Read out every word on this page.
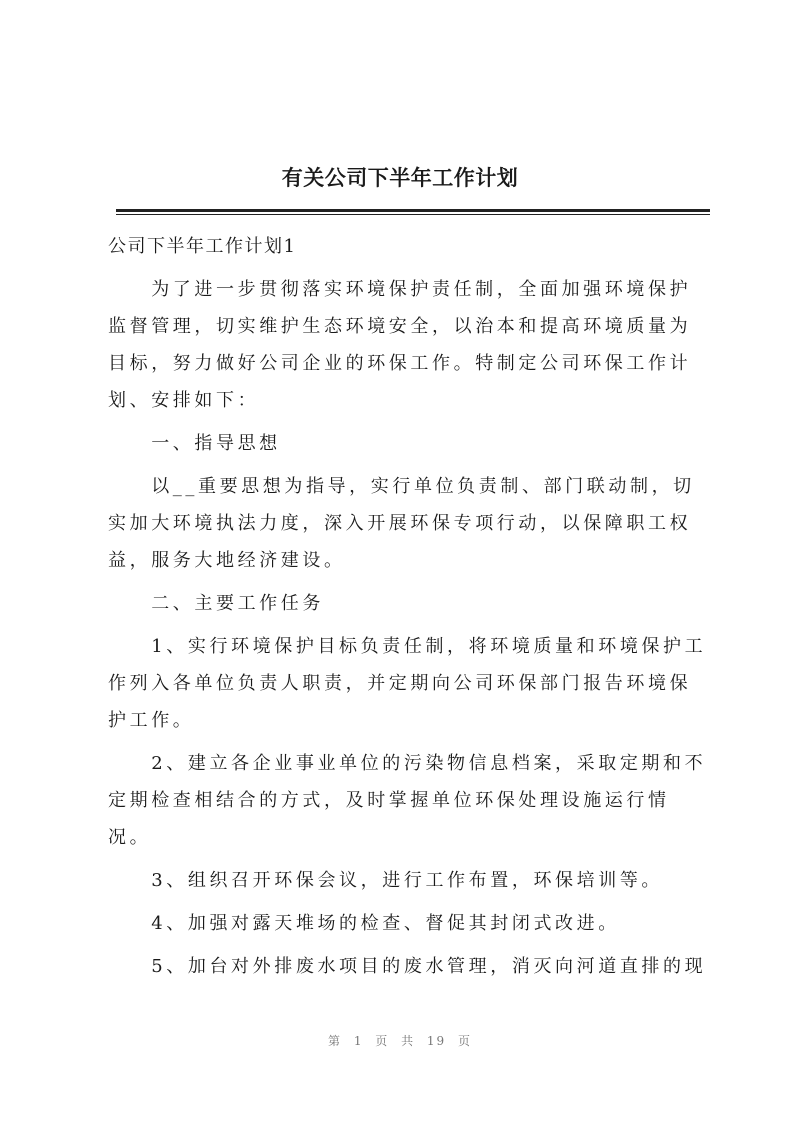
有关公司下半年工作计划

公司下半年工作计划1

为了进一步贯彻落实环境保护责任制，全面加强环境保护监督管理，切实维护生态环境安全，以治本和提高环境质量为目标，努力做好公司企业的环保工作。特制定公司环保工作计划、安排如下：

一、指导思想

以__重要思想为指导，实行单位负责制、部门联动制，切实加大环境执法力度，深入开展环保专项行动，以保障职工权益，服务大地经济建设。

二、主要工作任务

1、实行环境保护目标负责任制，将环境质量和环境保护工作列入各单位负责人职责，并定期向公司环保部门报告环境保护工作。

2、建立各企业事业单位的污染物信息档案，采取定期和不定期检查相结合的方式，及时掌握单位环保处理设施运行情况。

3、组织召开环保会议，进行工作布置，环保培训等。

4、加强对露天堆场的检查、督促其封闭式改进。

5、加台对外排废水项目的废水管理，消灭向河道直排的现

第 1 页 共 19 页
